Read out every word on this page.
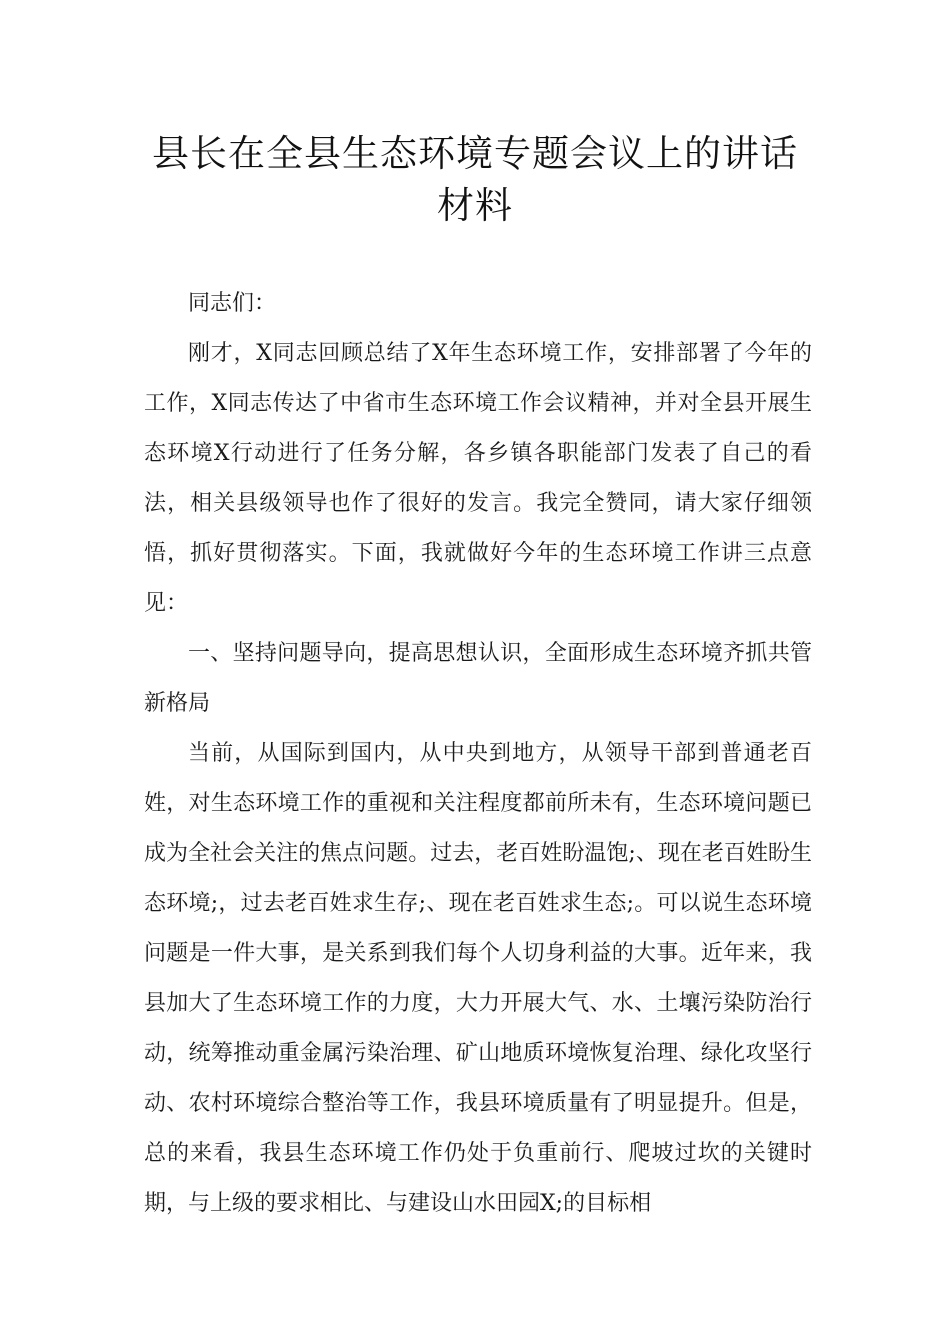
县长在全县生态环境专题会议上的讲话
材料

同志们：

刚才，X同志回顾总结了X年生态环境工作，安排部署了今年的工作，X同志传达了中省市生态环境工作会议精神，并对全县开展生态环境X行动进行了任务分解，各乡镇各职能部门发表了自己的看法，相关县级领导也作了很好的发言。我完全赞同，请大家仔细领悟，抓好贯彻落实。下面，我就做好今年的生态环境工作讲三点意见：

一、坚持问题导向，提高思想认识，全面形成生态环境齐抓共管新格局

当前，从国际到国内，从中央到地方，从领导干部到普通老百姓，对生态环境工作的重视和关注程度都前所未有，生态环境问题已成为全社会关注的焦点问题。过去，老百姓盼温饱;、现在老百姓盼生态环境;，过去老百姓求生存;、现在老百姓求生态;。可以说生态环境问题是一件大事，是关系到我们每个人切身利益的大事。近年来，我县加大了生态环境工作的力度，大力开展大气、水、土壤污染防治行动，统筹推动重金属污染治理、矿山地质环境恢复治理、绿化攻坚行动、农村环境综合整治等工作，我县环境质量有了明显提升。但是，总的来看，我县生态环境工作仍处于负重前行、爬坡过坎的关键时期，与上级的要求相比、与建设山水田园X;的目标相
